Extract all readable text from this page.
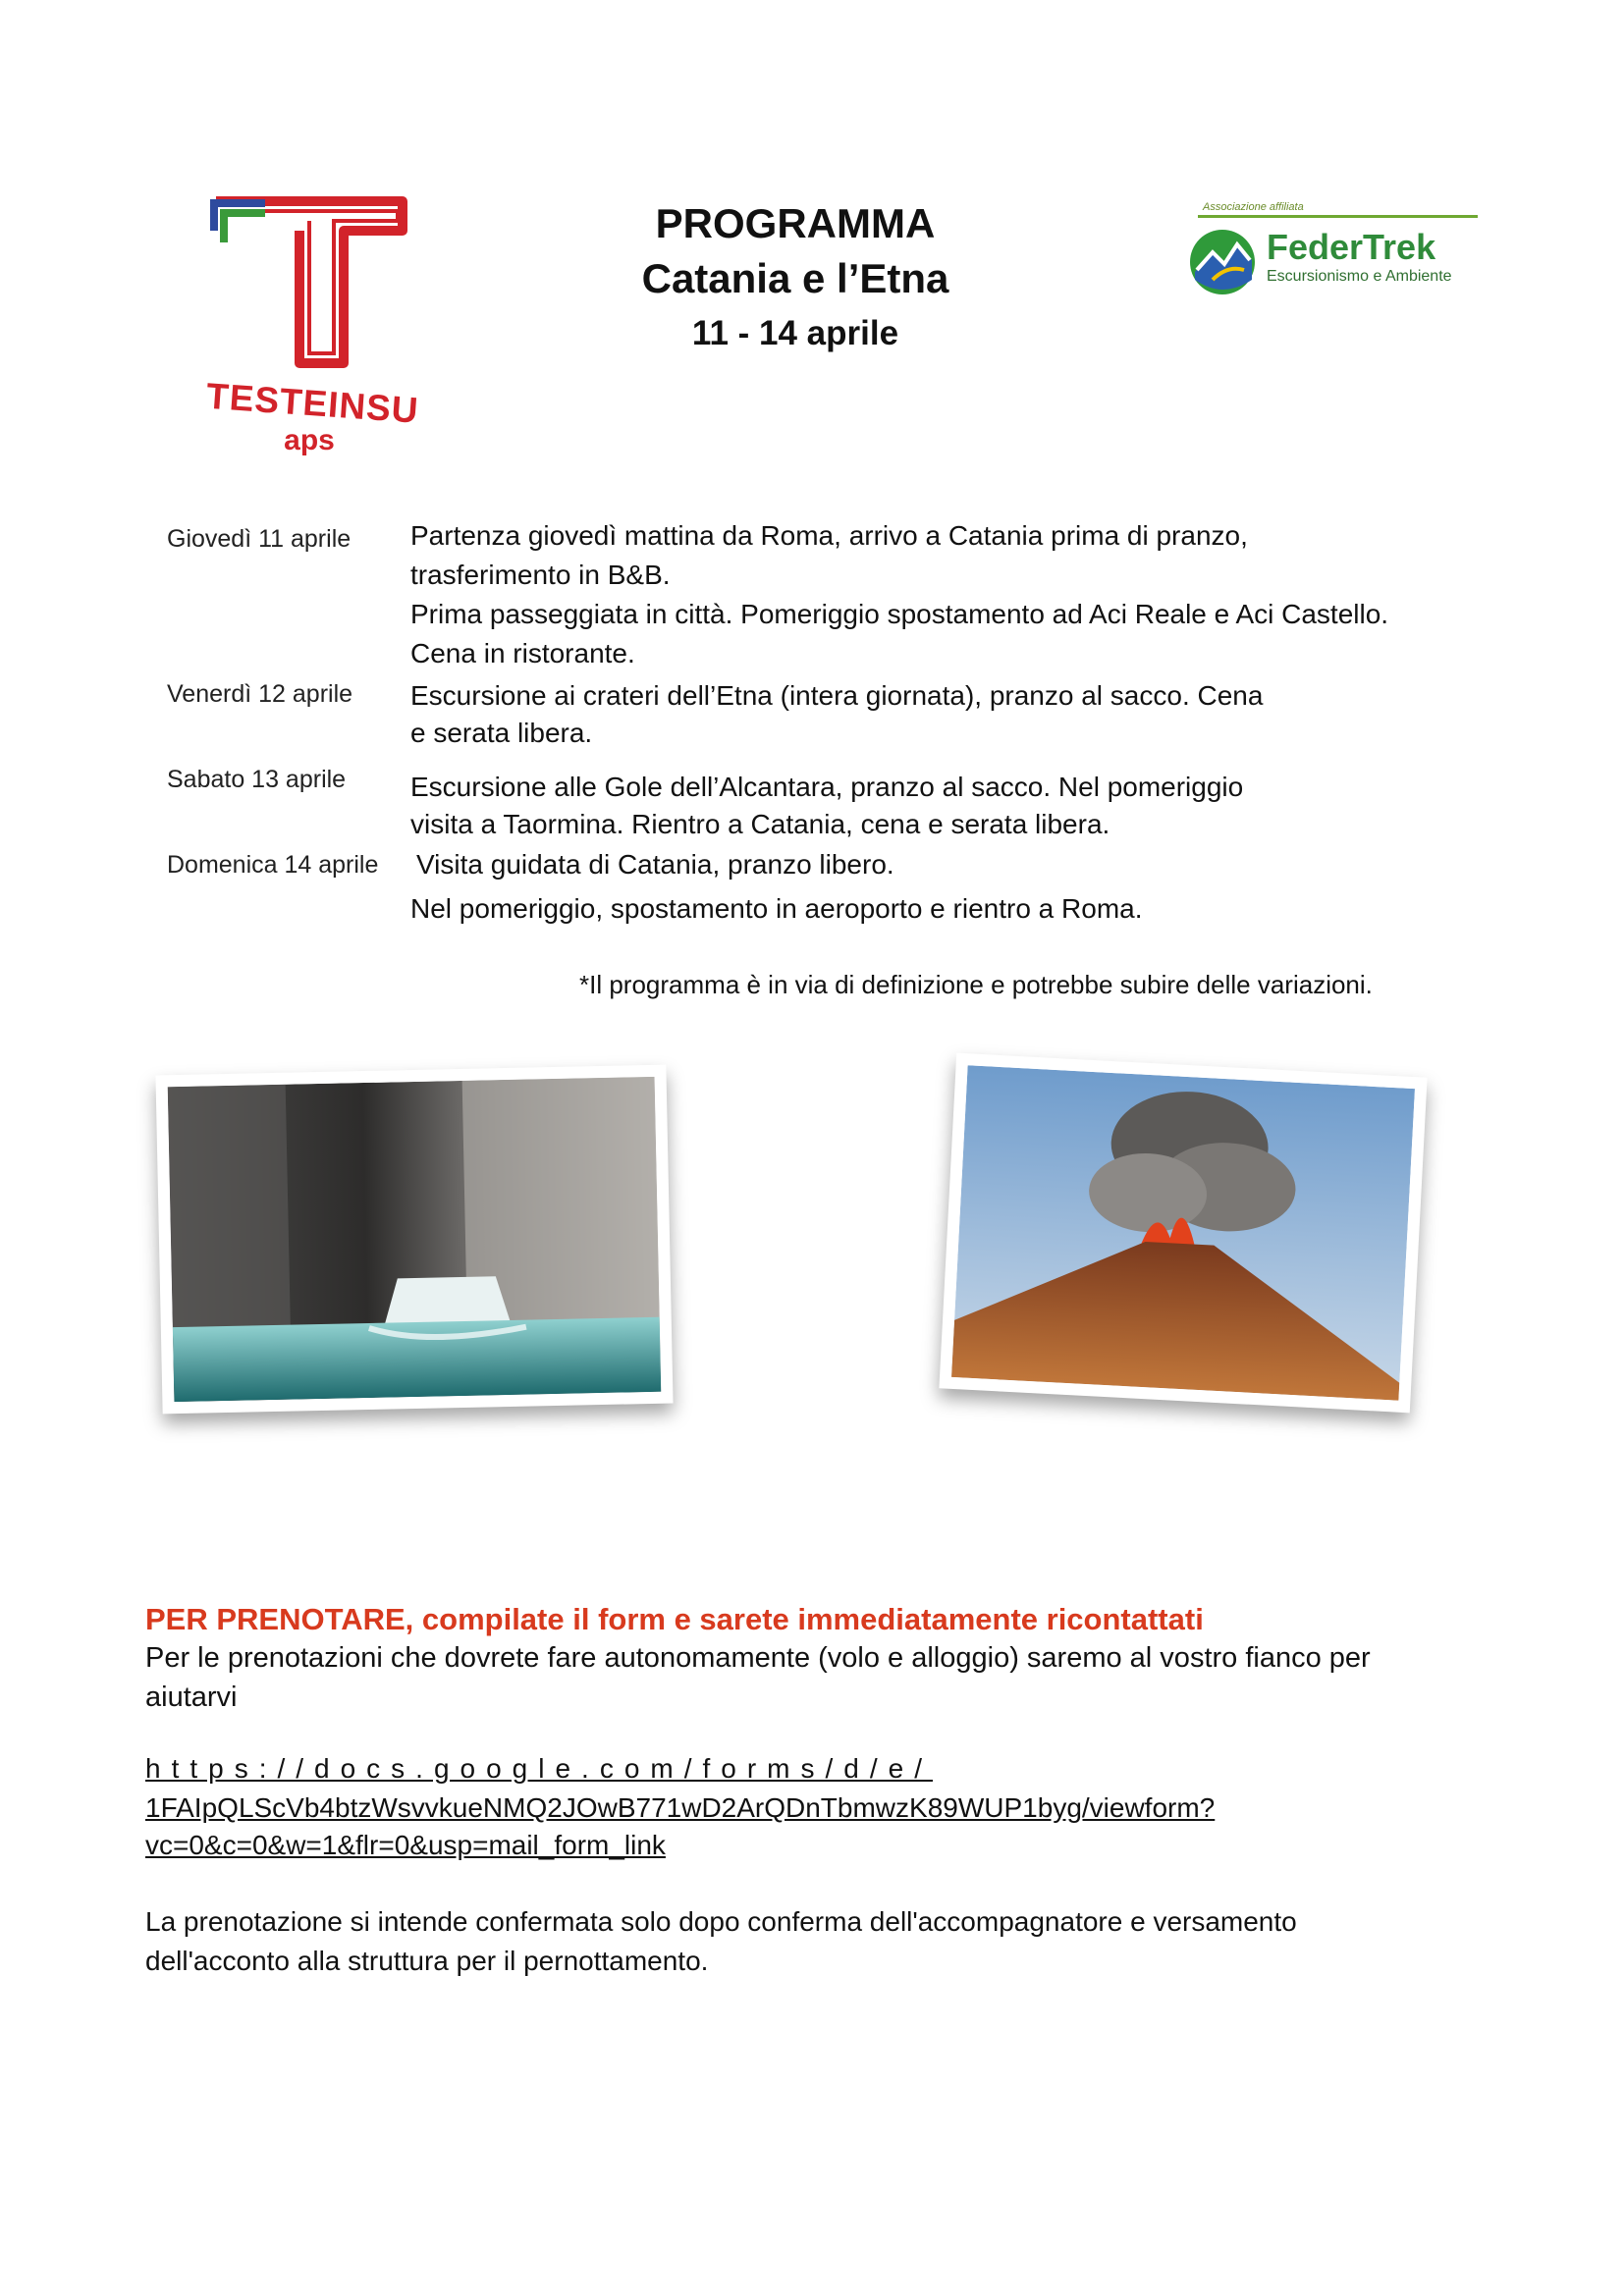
TESTEINSU
aps
PROGRAMMA
Catania e l’Etna
11 - 14 aprile
Associazione affiliata
FederTrek
Escursionismo e Ambiente
Giovedì 11 aprile Partenza giovedì mattina da Roma, arrivo a Catania prima di pranzo,
trasferimento in B&B.
Prima passeggiata in città. Pomeriggio spostamento ad Aci Reale e Aci Castello.
Cena in ristorante.
Venerdì 12 aprile Escursione ai crateri dell’Etna (intera giornata), pranzo al sacco. Cena
e serata libera.
Sabato 13 aprile Escursione alle Gole dell’Alcantara, pranzo al sacco. Nel pomeriggio
visita a Taormina. Rientro a Catania, cena e serata libera.
Domenica 14 aprile Visita guidata di Catania, pranzo libero.
Nel pomeriggio, spostamento in aeroporto e rientro a Roma.
*Il programma è in via di definizione e potrebbe subire delle variazioni.
PER PRENOTARE, compilate il form e sarete immediatamente ricontattati
Per le prenotazioni che dovrete fare autonomamente (volo e alloggio) saremo al vostro fianco per
aiutarvi
https://docs.google.com/forms/d/e/
1FAIpQLScVb4btzWsvvkueNMQ2JOwB771wD2ArQDnTbmwzK89WUP1byg/viewform?
vc=0&c=0&w=1&flr=0&usp=mail_form_link
La prenotazione si intende confermata solo dopo conferma dell'accompagnatore e versamento
dell'acconto alla struttura per il pernottamento.
